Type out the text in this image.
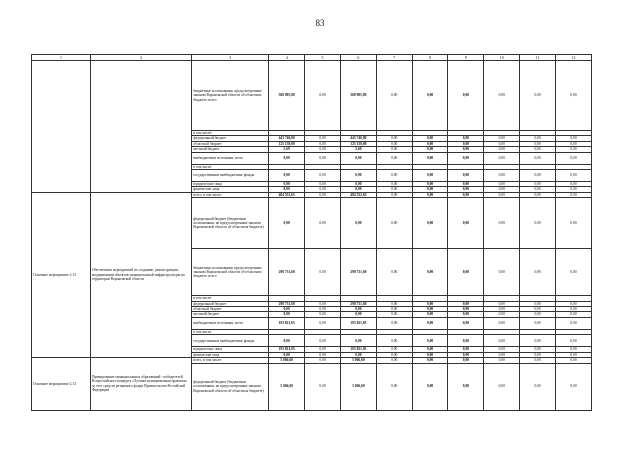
83
1	2	3	4	5	6	7	8	9	10	11	12
		бюджетные ассигнования, предусмотренные законом Воронежской области об областном бюджете, всего	568 905,80	0,00	568 905,80	0,00	0,00	0,00	0,00	0,00	0,00
		в том числе:									
		федеральный бюджет	443 746,80	0,00	443 746,80	0,00	0,00	0,00	0,00	0,00	0,00
		областной бюджет	125 159,00	0,00	125 159,00	0,00	0,00	0,00	0,00	0,00	0,00
		местный бюджет	5,69	0,00	5,69	0,00	0,00	0,00	0,00	0,00	0,00
		внебюджетные источники, всего	0,00	0,00	0,00	0,00	0,00	0,00	0,00	0,00	0,00
		в том числе:									
		государственные внебюджетные фонды	0,00	0,00	0,00	0,00	0,00	0,00	0,00	0,00	0,00
		юридические лица	0,00	0,00	0,00	0,00	0,00	0,00	0,00	0,00	0,00
		физические лица	0,00	0,00	0,00	0,00	0,00	0,00	0,00	0,00	0,00
Основное мероприятие 2.12	Обеспечение мероприятий по созданию, реконструкции, модернизации объектов муниципальной инфраструктуры на территории Воронежской области	всего, в том числе:	484 552,65	0,00	484 552,65	0,00	0,00	0,00	0,00	0,00	0,00
		федеральный бюджет (бюджетные ассигнования, не предусмотренные законом Воронежской области об областном бюджете)	0,00	0,00	0,00	0,00	0,00	0,00	0,00	0,00	0,00
		бюджетные ассигнования, предусмотренные законом Воронежской области об областном бюджете, всего	290 731,60	0,00	290 731,60	0,00	0,00	0,00	0,00	0,00	0,00
		в том числе:									
		федеральный бюджет	290 731,60	0,00	290 731,60	0,00	0,00	0,00	0,00	0,00	0,00
		областной бюджет	0,00	0,00	0,00	0,00	0,00	0,00	0,00	0,00	0,00
		местный бюджет	0,00	0,00	0,00	0,00	0,00	0,00	0,00	0,00	0,00
		внебюджетные источники, всего	193 821,05	0,00	193 821,05	0,00	0,00	0,00	0,00	0,00	0,00
		в том числе:									
		государственные внебюджетные фонды	0,00	0,00	0,00	0,00	0,00	0,00	0,00	0,00	0,00
		юридические лица	193 821,05	0,00	193 821,05	0,00	0,00	0,00	0,00	0,00	0,00
		физические лица	0,00	0,00	0,00	0,00	0,00	0,00	0,00	0,00	0,00
Основное мероприятие 2.13	Премирование муниципальных образований - победителей Всероссийского конкурса «Лучшая муниципальная практика» за счет средств резервного фонда Правительства Российской Федерации	всего, в том числе:	5 066,60	0,00	5 066,60	0,00	0,00	0,00	0,00	0,00	0,00
		федеральный бюджет (бюджетные ассигнования, не предусмотренные законом Воронежской области об областном бюджете)	5 066,60	0,00	5 066,60	0,00	0,00	0,00	0,00	0,00	0,00
